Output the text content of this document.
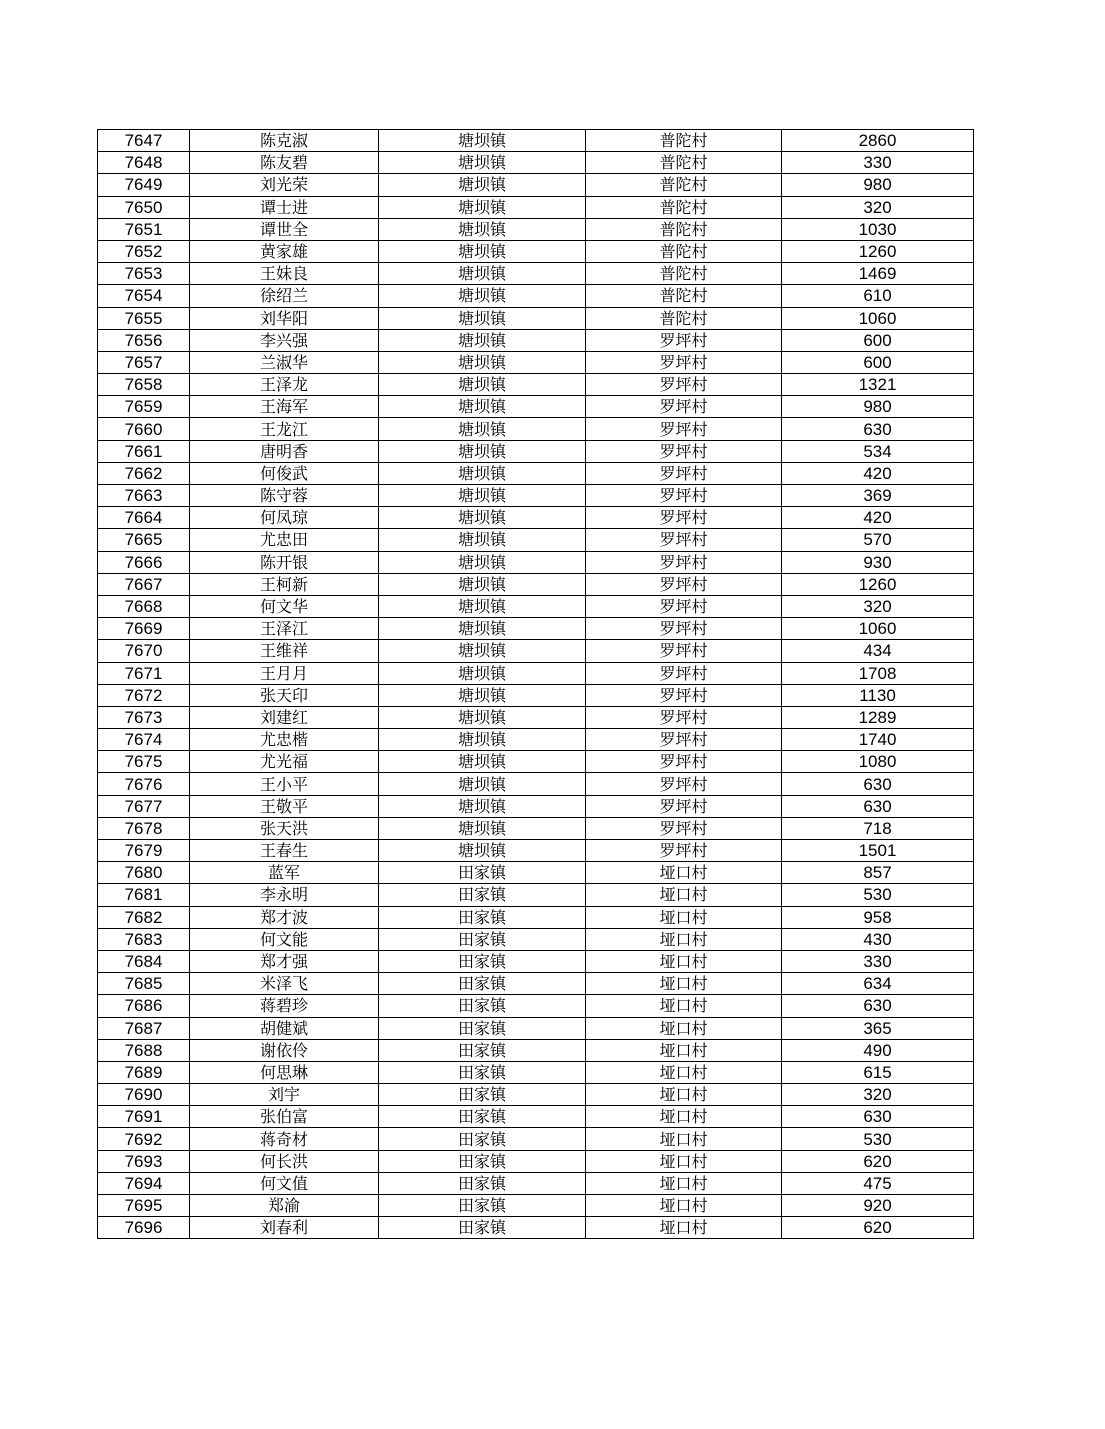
7647	陈克淑	塘坝镇	普陀村	2860
7648	陈友碧	塘坝镇	普陀村	330
7649	刘光荣	塘坝镇	普陀村	980
7650	谭士进	塘坝镇	普陀村	320
7651	谭世全	塘坝镇	普陀村	1030
7652	黄家雄	塘坝镇	普陀村	1260
7653	王妹良	塘坝镇	普陀村	1469
7654	徐绍兰	塘坝镇	普陀村	610
7655	刘华阳	塘坝镇	普陀村	1060
7656	李兴强	塘坝镇	罗坪村	600
7657	兰淑华	塘坝镇	罗坪村	600
7658	王泽龙	塘坝镇	罗坪村	1321
7659	王海军	塘坝镇	罗坪村	980
7660	王龙江	塘坝镇	罗坪村	630
7661	唐明香	塘坝镇	罗坪村	534
7662	何俊武	塘坝镇	罗坪村	420
7663	陈守蓉	塘坝镇	罗坪村	369
7664	何凤琼	塘坝镇	罗坪村	420
7665	尤忠田	塘坝镇	罗坪村	570
7666	陈开银	塘坝镇	罗坪村	930
7667	王柯新	塘坝镇	罗坪村	1260
7668	何文华	塘坝镇	罗坪村	320
7669	王泽江	塘坝镇	罗坪村	1060
7670	王维祥	塘坝镇	罗坪村	434
7671	王月月	塘坝镇	罗坪村	1708
7672	张天印	塘坝镇	罗坪村	1130
7673	刘建红	塘坝镇	罗坪村	1289
7674	尤忠楷	塘坝镇	罗坪村	1740
7675	尤光福	塘坝镇	罗坪村	1080
7676	王小平	塘坝镇	罗坪村	630
7677	王敬平	塘坝镇	罗坪村	630
7678	张天洪	塘坝镇	罗坪村	718
7679	王春生	塘坝镇	罗坪村	1501
7680	蓝军	田家镇	垭口村	857
7681	李永明	田家镇	垭口村	530
7682	郑才波	田家镇	垭口村	958
7683	何文能	田家镇	垭口村	430
7684	郑才强	田家镇	垭口村	330
7685	米泽飞	田家镇	垭口村	634
7686	蒋碧珍	田家镇	垭口村	630
7687	胡健斌	田家镇	垭口村	365
7688	谢依伶	田家镇	垭口村	490
7689	何思琳	田家镇	垭口村	615
7690	刘宇	田家镇	垭口村	320
7691	张伯富	田家镇	垭口村	630
7692	蒋奇材	田家镇	垭口村	530
7693	何长洪	田家镇	垭口村	620
7694	何文值	田家镇	垭口村	475
7695	郑渝	田家镇	垭口村	920
7696	刘春利	田家镇	垭口村	620
